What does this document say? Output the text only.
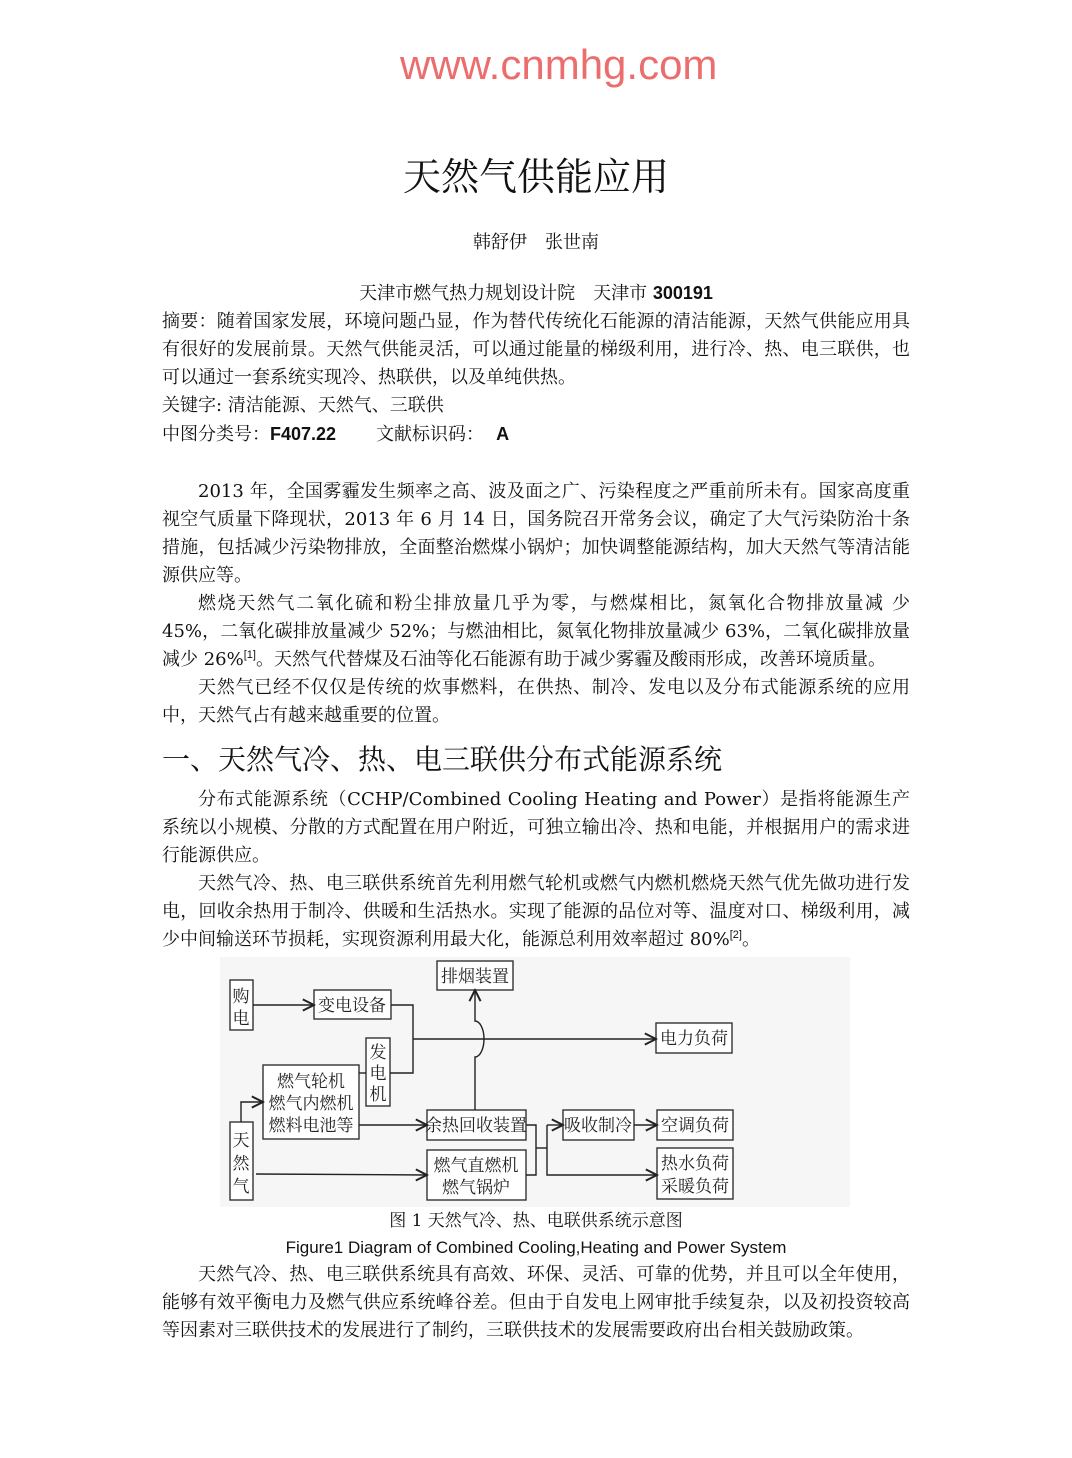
www.cnmhg.com
天然气供能应用
韩舒伊　张世南
天津市燃气热力规划设计院　天津市 300191
摘要：随着国家发展，环境问题凸显，作为替代传统化石能源的清洁能源，天然气供能应用具有很好的发展前景。天然气供能灵活，可以通过能量的梯级利用，进行冷、热、电三联供，也可以通过一套系统实现冷、热联供，以及单纯供热。
关键字: 清洁能源、天然气、三联供
中图分类号：F407.22 文献标识码： A

2013 年，全国雾霾发生频率之高、波及面之广、污染程度之严重前所未有。国家高度重视空气质量下降现状，2013 年 6 月 14 日，国务院召开常务会议，确定了大气污染防治十条措施，包括减少污染物排放，全面整治燃煤小锅炉；加快调整能源结构，加大天然气等清洁能源供应等。

燃烧天然气二氧化硫和粉尘排放量几乎为零，与燃煤相比，氮氧化合物排放量减 少 45%，二氧化碳排放量减少 52%；与燃油相比，氮氧化物排放量减少 63%，二氧化碳排放量减少 26%[1]。天然气代替煤及石油等化石能源有助于减少雾霾及酸雨形成，改善环境质量。

天然气已经不仅仅是传统的炊事燃料，在供热、制冷、发电以及分布式能源系统的应用中，天然气占有越来越重要的位置。

一、天然气冷、热、电三联供分布式能源系统

分布式能源系统（CCHP/Combined Cooling Heating and Power）是指将能源生产系统以小规模、分散的方式配置在用户附近，可独立输出冷、热和电能，并根据用户的需求进行能源供应。

天然气冷、热、电三联供系统首先利用燃气轮机或燃气内燃机燃烧天然气优先做功进行发电，回收余热用于制冷、供暖和生活热水。实现了能源的品位对等、温度对口、梯级利用，减少中间输送环节损耗，实现资源利用最大化，能源总利用效率超过 80%[2]。

购
电
变电设备
排烟装置
电力负荷
发
电
机
天
然
气
余热回收装置
燃气直燃机
燃气锅炉
吸收制冷 空调负荷
热水负荷
采暖负荷
燃气轮机
燃气内燃机
燃料电池等
图 1 天然气冷、热、电联供系统示意图
Figure1 Diagram of Combined Cooling,Heating and Power System

天然气冷、热、电三联供系统具有高效、环保、灵活、可靠的优势，并且可以全年使用，能够有效平衡电力及燃气供应系统峰谷差。但由于自发电上网审批手续复杂，以及初投资较高等因素对三联供技术的发展进行了制约，三联供技术的发展需要政府出台相关鼓励政策。
